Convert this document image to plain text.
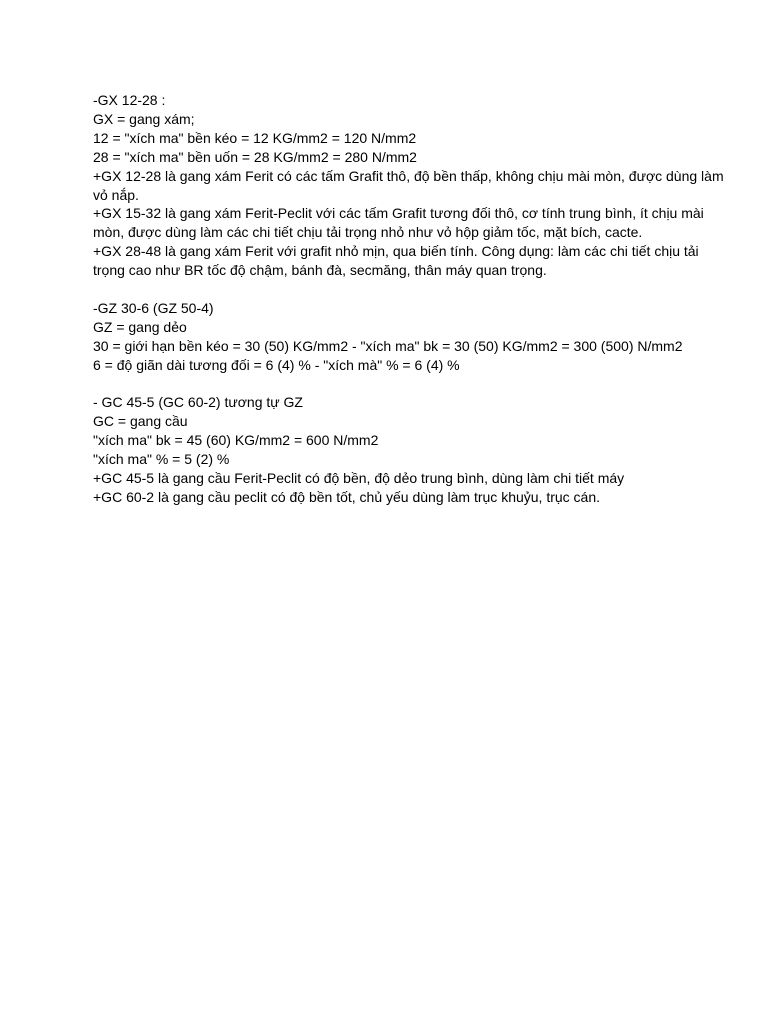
-GX 12-28 :
GX = gang xám;
12 = "xích ma" bền kéo = 12 KG/mm2 = 120 N/mm2
28 = "xích ma" bền uốn = 28 KG/mm2 = 280 N/mm2
+GX 12-28 là gang xám Ferit có các tấm Grafit thô, độ bền thấp, không chịu mài mòn, được dùng làm vỏ nắp.
+GX 15-32 là gang xám Ferit-Peclit với các tấm Grafit tương đối thô, cơ tính trung bình, ít chịu mài mòn, được dùng làm các chi tiết chịu tải trọng nhỏ như vỏ hộp giảm tốc, mặt bích, cacte.
+GX 28-48 là gang xám Ferit với grafit nhỏ mịn, qua biến tính. Công dụng: làm các chi tiết chịu tải trọng cao như BR tốc độ chậm, bánh đà, secmăng, thân máy quan trọng.
-GZ 30-6 (GZ 50-4)
GZ = gang dẻo
30 = giới hạn bền kéo = 30 (50) KG/mm2 - "xích ma" bk = 30 (50) KG/mm2 = 300 (500) N/mm2
6 = độ giãn dài tương đối = 6 (4) % - "xích mà" % = 6 (4) %
- GC 45-5 (GC 60-2) tương tự GZ
GC = gang cầu
"xích ma" bk = 45 (60) KG/mm2 = 600 N/mm2
"xích ma" % = 5 (2) %
+GC 45-5 là gang cầu Ferit-Peclit có độ bền, độ dẻo trung bình, dùng làm chi tiết máy
+GC 60-2 là gang cầu peclit có độ bền tốt, chủ yếu dùng làm trục khuỷu, trục cán.
